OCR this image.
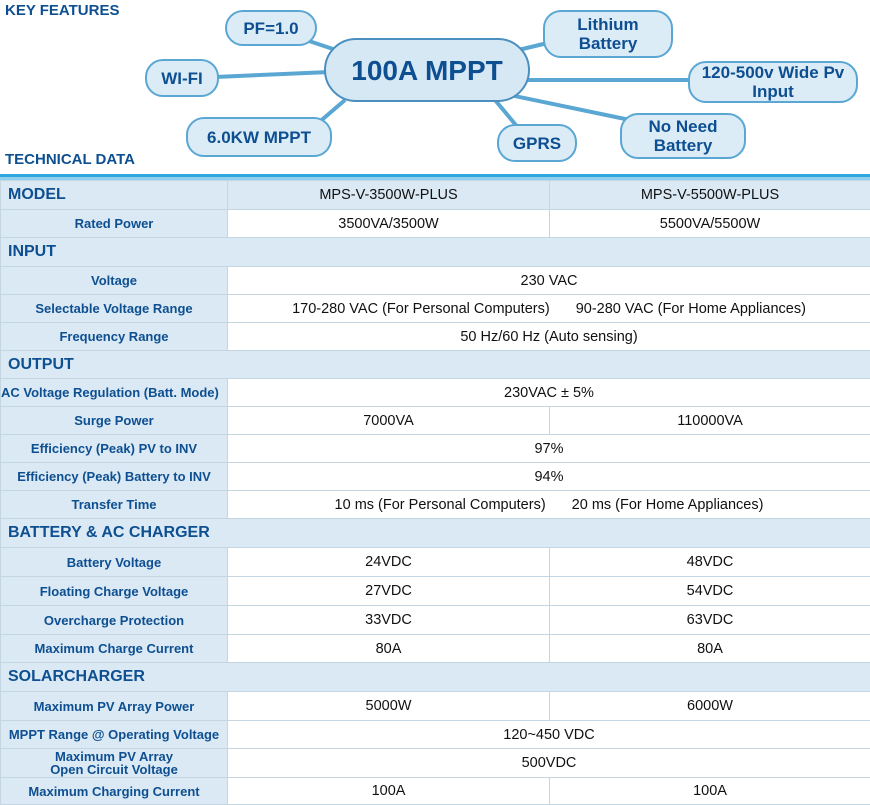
KEY FEATURES
PF=1.0	Lithium Battery
WI-FI	100A MPPT	120-500v Wide Pv Input
6.0KW MPPT	GPRS
No Need Battery
TECHNICAL DATA
MODEL	MPS-V-3500W-PLUS	MPS-V-5500W-PLUS
Rated Power	3500VA/3500W	5500VA/5500W
INPUT		
Voltage	230 VAC	
Selectable Voltage Range	170-280 VAC (For Personal Computers) 90-280 VAC (For Home Appliances)	

Frequency Range	50 Hz/60 Hz (Auto sensing)	
OUTPUT		
AC Voltage Regulation (Batt. Mode)	230VAC ± 5%	
Surge Power	7000VA	110000VA
Efficiency (Peak) PV to INV	97%	
Efficiency (Peak) Battery to INV	94%	
Transfer Time	10 ms (For Personal Computers) 20 ms (For Home Appliances)	

BATTERY & AC CHARGER		
Battery Voltage	24VDC	48VDC
Floating Charge Voltage	27VDC	54VDC
Overcharge Protection	33VDC	63VDC
Maximum Charge Current	80A	80A
SOLARCHARGER		
Maximum PV Array Power	5000W	6000W
MPPT Range @ Operating Voltage	120~450 VDC	

Maximum PV Array
Open Circuit Voltage	500VDC	
Maximum Charging Current	100A	100A
